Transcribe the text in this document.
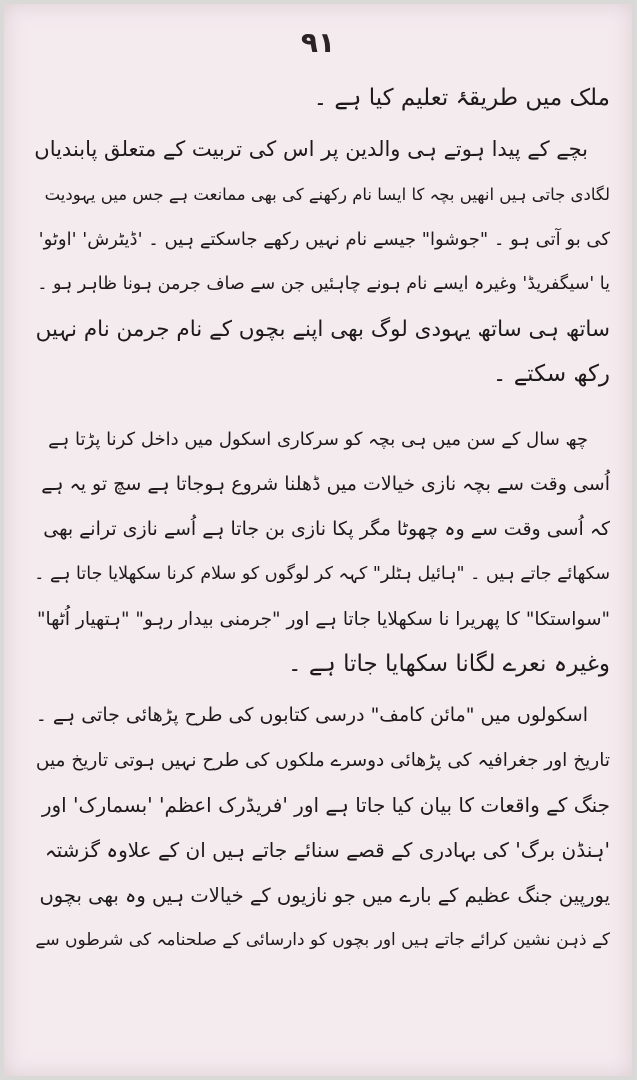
٩١
ملک میں طریقۂ تعلیم کیا ہے ۔
بچے کے پیدا ہوتے ہی والدین پر اس کی تربیت کے متعلق پابندیاں
لگادی جاتی ہیں انھیں بچہ کا ایسا نام رکھنے کی بھی ممانعت ہے جس میں یہودیت
کی بو آتی ہو ۔ "جوشوا" جیسے نام نہیں رکھے جاسکتے ہیں ۔ 'ڈیٹرش' 'اوٹو'
یا 'سیگفریڈ' وغیرہ ایسے نام ہونے چاہئیں جن سے صاف جرمن ہونا ظاہر ہو ۔
ساتھ ہی ساتھ یہودی لوگ بھی اپنے بچوں کے نام جرمن نام نہیں
رکھ سکتے ۔
چھ سال کے سن میں ہی بچہ کو سرکاری اسکول میں داخل کرنا پڑتا ہے
اُسی وقت سے بچہ نازی خیالات میں ڈھلنا شروع ہوجاتا ہے سچ تو یہ ہے
کہ اُسی وقت سے وہ چھوٹا مگر پکا نازی بن جاتا ہے اُسے نازی ترانے بھی
سکھائے جاتے ہیں ۔ "ہائیل ہٹلر" کہہ کر لوگوں کو سلام کرنا سکھلایا جاتا ہے ۔
"سواستکا" کا پھریرا نا سکھلایا جاتا ہے اور "جرمنی بیدار رہو" "ہتھیار اُٹھا"
وغیرہ نعرے لگانا سکھایا جاتا ہے ۔
اسکولوں میں "مائن کامف" درسی کتابوں کی طرح پڑھائی جاتی ہے ۔
تاریخ اور جغرافیہ کی پڑھائی دوسرے ملکوں کی طرح نہیں ہوتی تاریخ میں
جنگ کے واقعات کا بیان کیا جاتا ہے اور 'فریڈرک اعظم' 'بسمارک' اور
'ہنڈن برگ' کی بہادری کے قصے سنائے جاتے ہیں ان کے علاوہ گزشتہ
یورپین جنگ عظیم کے بارے میں جو نازیوں کے خیالات ہیں وہ بھی بچوں
کے ذہن نشین کرائے جاتے ہیں اور بچوں کو دارسائی کے صلحنامہ کی شرطوں سے
